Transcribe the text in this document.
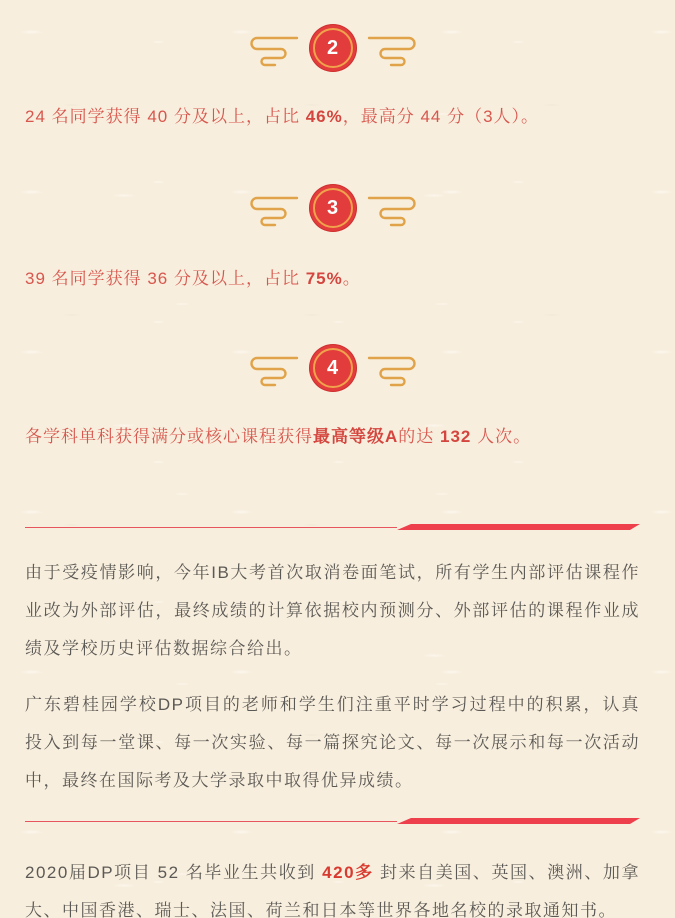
2

24 名同学获得 40 分及以上，占比 46%，最高分 44 分（3人）。

3

39 名同学获得 36 分及以上，占比 75%。

4

各学科单科获得满分或核心课程获得最高等级A的达 132 人次。

由于受疫情影响，今年IB大考首次取消卷面笔试，所有学生内部评估课程作业改为外部评估，最终成绩的计算依据校内预测分、外部评估的课程作业成绩及学校历史评估数据综合给出。

广东碧桂园学校DP项目的老师和学生们注重平时学习过程中的积累，认真投入到每一堂课、每一次实验、每一篇探究论文、每一次展示和每一次活动中，最终在国际考及大学录取中取得优异成绩。

2020届DP项目 52 名毕业生共收到 420多 封来自美国、英国、澳洲、加拿大、中国香港、瑞士、法国、荷兰和日本等世界各地名校的录取通知书。
